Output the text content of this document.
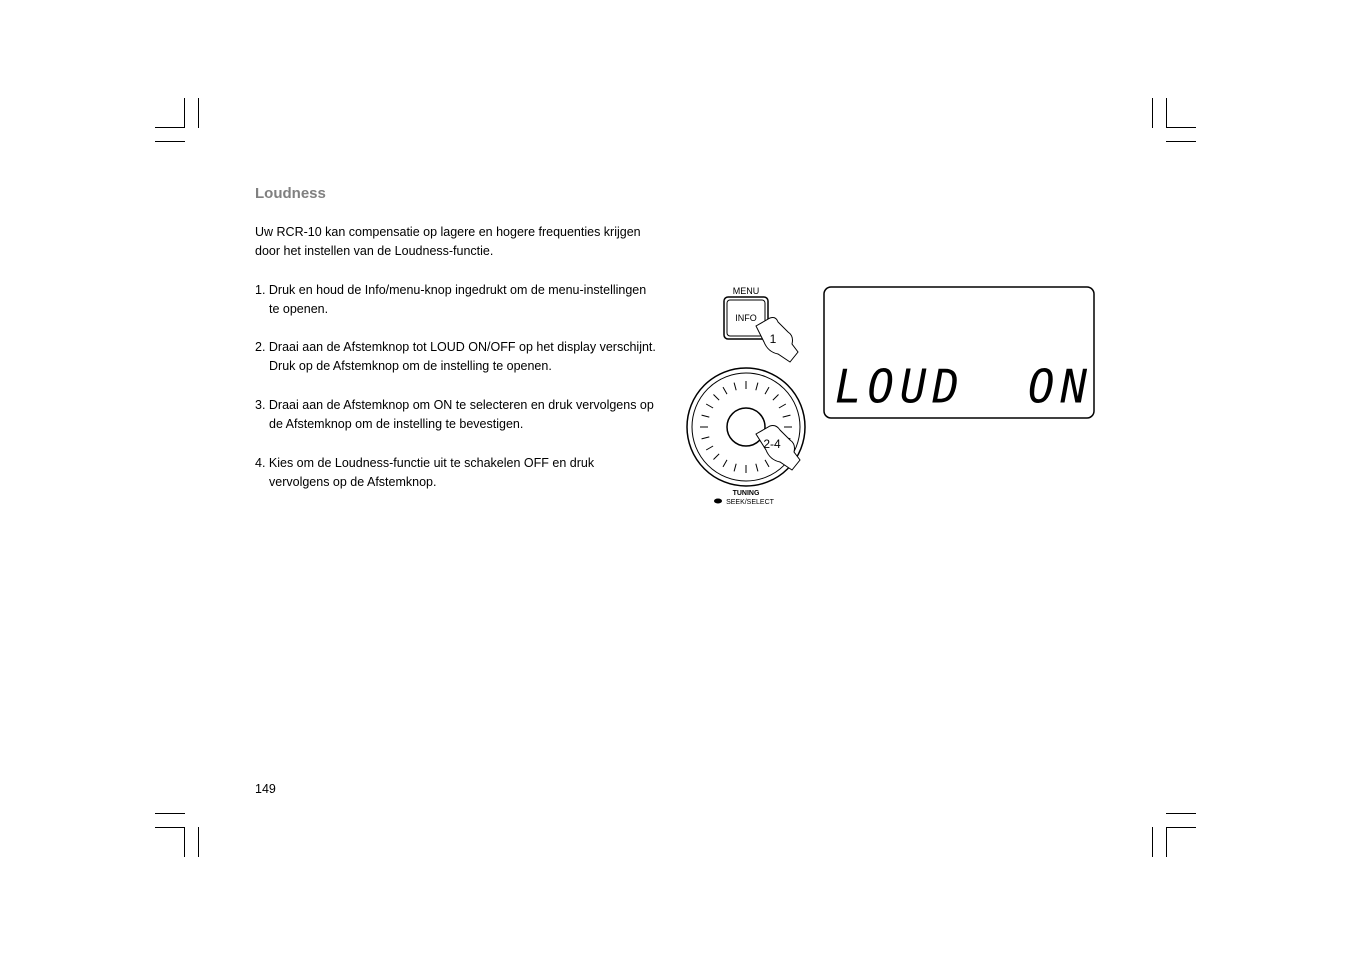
Loudness

Uw RCR-10 kan compensatie op lagere en hogere frequenties krijgen
door het instellen van de Loudness-functie.

1. Druk en houd de Info/menu-knop ingedrukt om de menu-instellingen
te openen.

2. Draai aan de Afstemknop tot LOUD ON/OFF op het display verschijnt.
Druk op de Afstemknop om de instelling te openen.

3. Draai aan de Afstemknop om ON te selecteren en druk vervolgens op
de Afstemknop om de instelling te bevestigen.

4. Kies om de Loudness-functie uit te schakelen OFF en druk
vervolgens op de Afstemknop.

MENU
INFO
1
2-4
TUNING
SEEK/SELECT
LOUD ON
149
